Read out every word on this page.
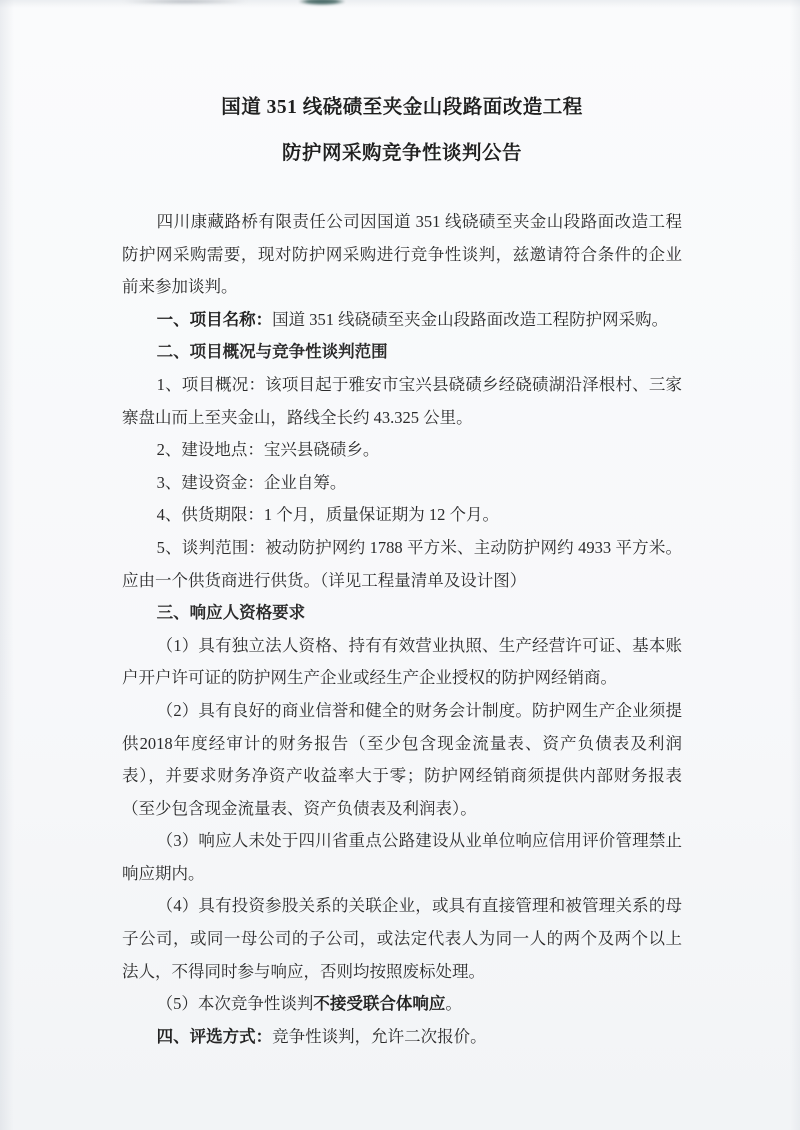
国道 351 线硗碛至夹金山段路面改造工程
防护网采购竞争性谈判公告

四川康藏路桥有限责任公司因国道 351 线硗碛至夹金山段路面改造工程防护网采购需要，现对防护网采购进行竞争性谈判，兹邀请符合条件的企业前来参加谈判。

一、项目名称：国道 351 线硗碛至夹金山段路面改造工程防护网采购。

二、项目概况与竞争性谈判范围

1、项目概况：该项目起于雅安市宝兴县硗碛乡经硗碛湖沿泽根村、三家寨盘山而上至夹金山，路线全长约 43.325 公里。

2、建设地点：宝兴县硗碛乡。

3、建设资金：企业自筹。

4、供货期限：1 个月，质量保证期为 12 个月。

5、谈判范围：被动防护网约 1788 平方米、主动防护网约 4933 平方米。应由一个供货商进行供货。（详见工程量清单及设计图）

三、响应人资格要求

（1）具有独立法人资格、持有有效营业执照、生产经营许可证、基本账户开户许可证的防护网生产企业或经生产企业授权的防护网经销商。

（2）具有良好的商业信誉和健全的财务会计制度。防护网生产企业须提供2018年度经审计的财务报告（至少包含现金流量表、资产负债表及利润表），并要求财务净资产收益率大于零；防护网经销商须提供内部财务报表（至少包含现金流量表、资产负债表及利润表）。

（3）响应人未处于四川省重点公路建设从业单位响应信用评价管理禁止响应期内。

（4）具有投资参股关系的关联企业，或具有直接管理和被管理关系的母子公司，或同一母公司的子公司，或法定代表人为同一人的两个及两个以上法人，不得同时参与响应，否则均按照废标处理。

（5）本次竞争性谈判不接受联合体响应。

四、评选方式：竞争性谈判，允许二次报价。
